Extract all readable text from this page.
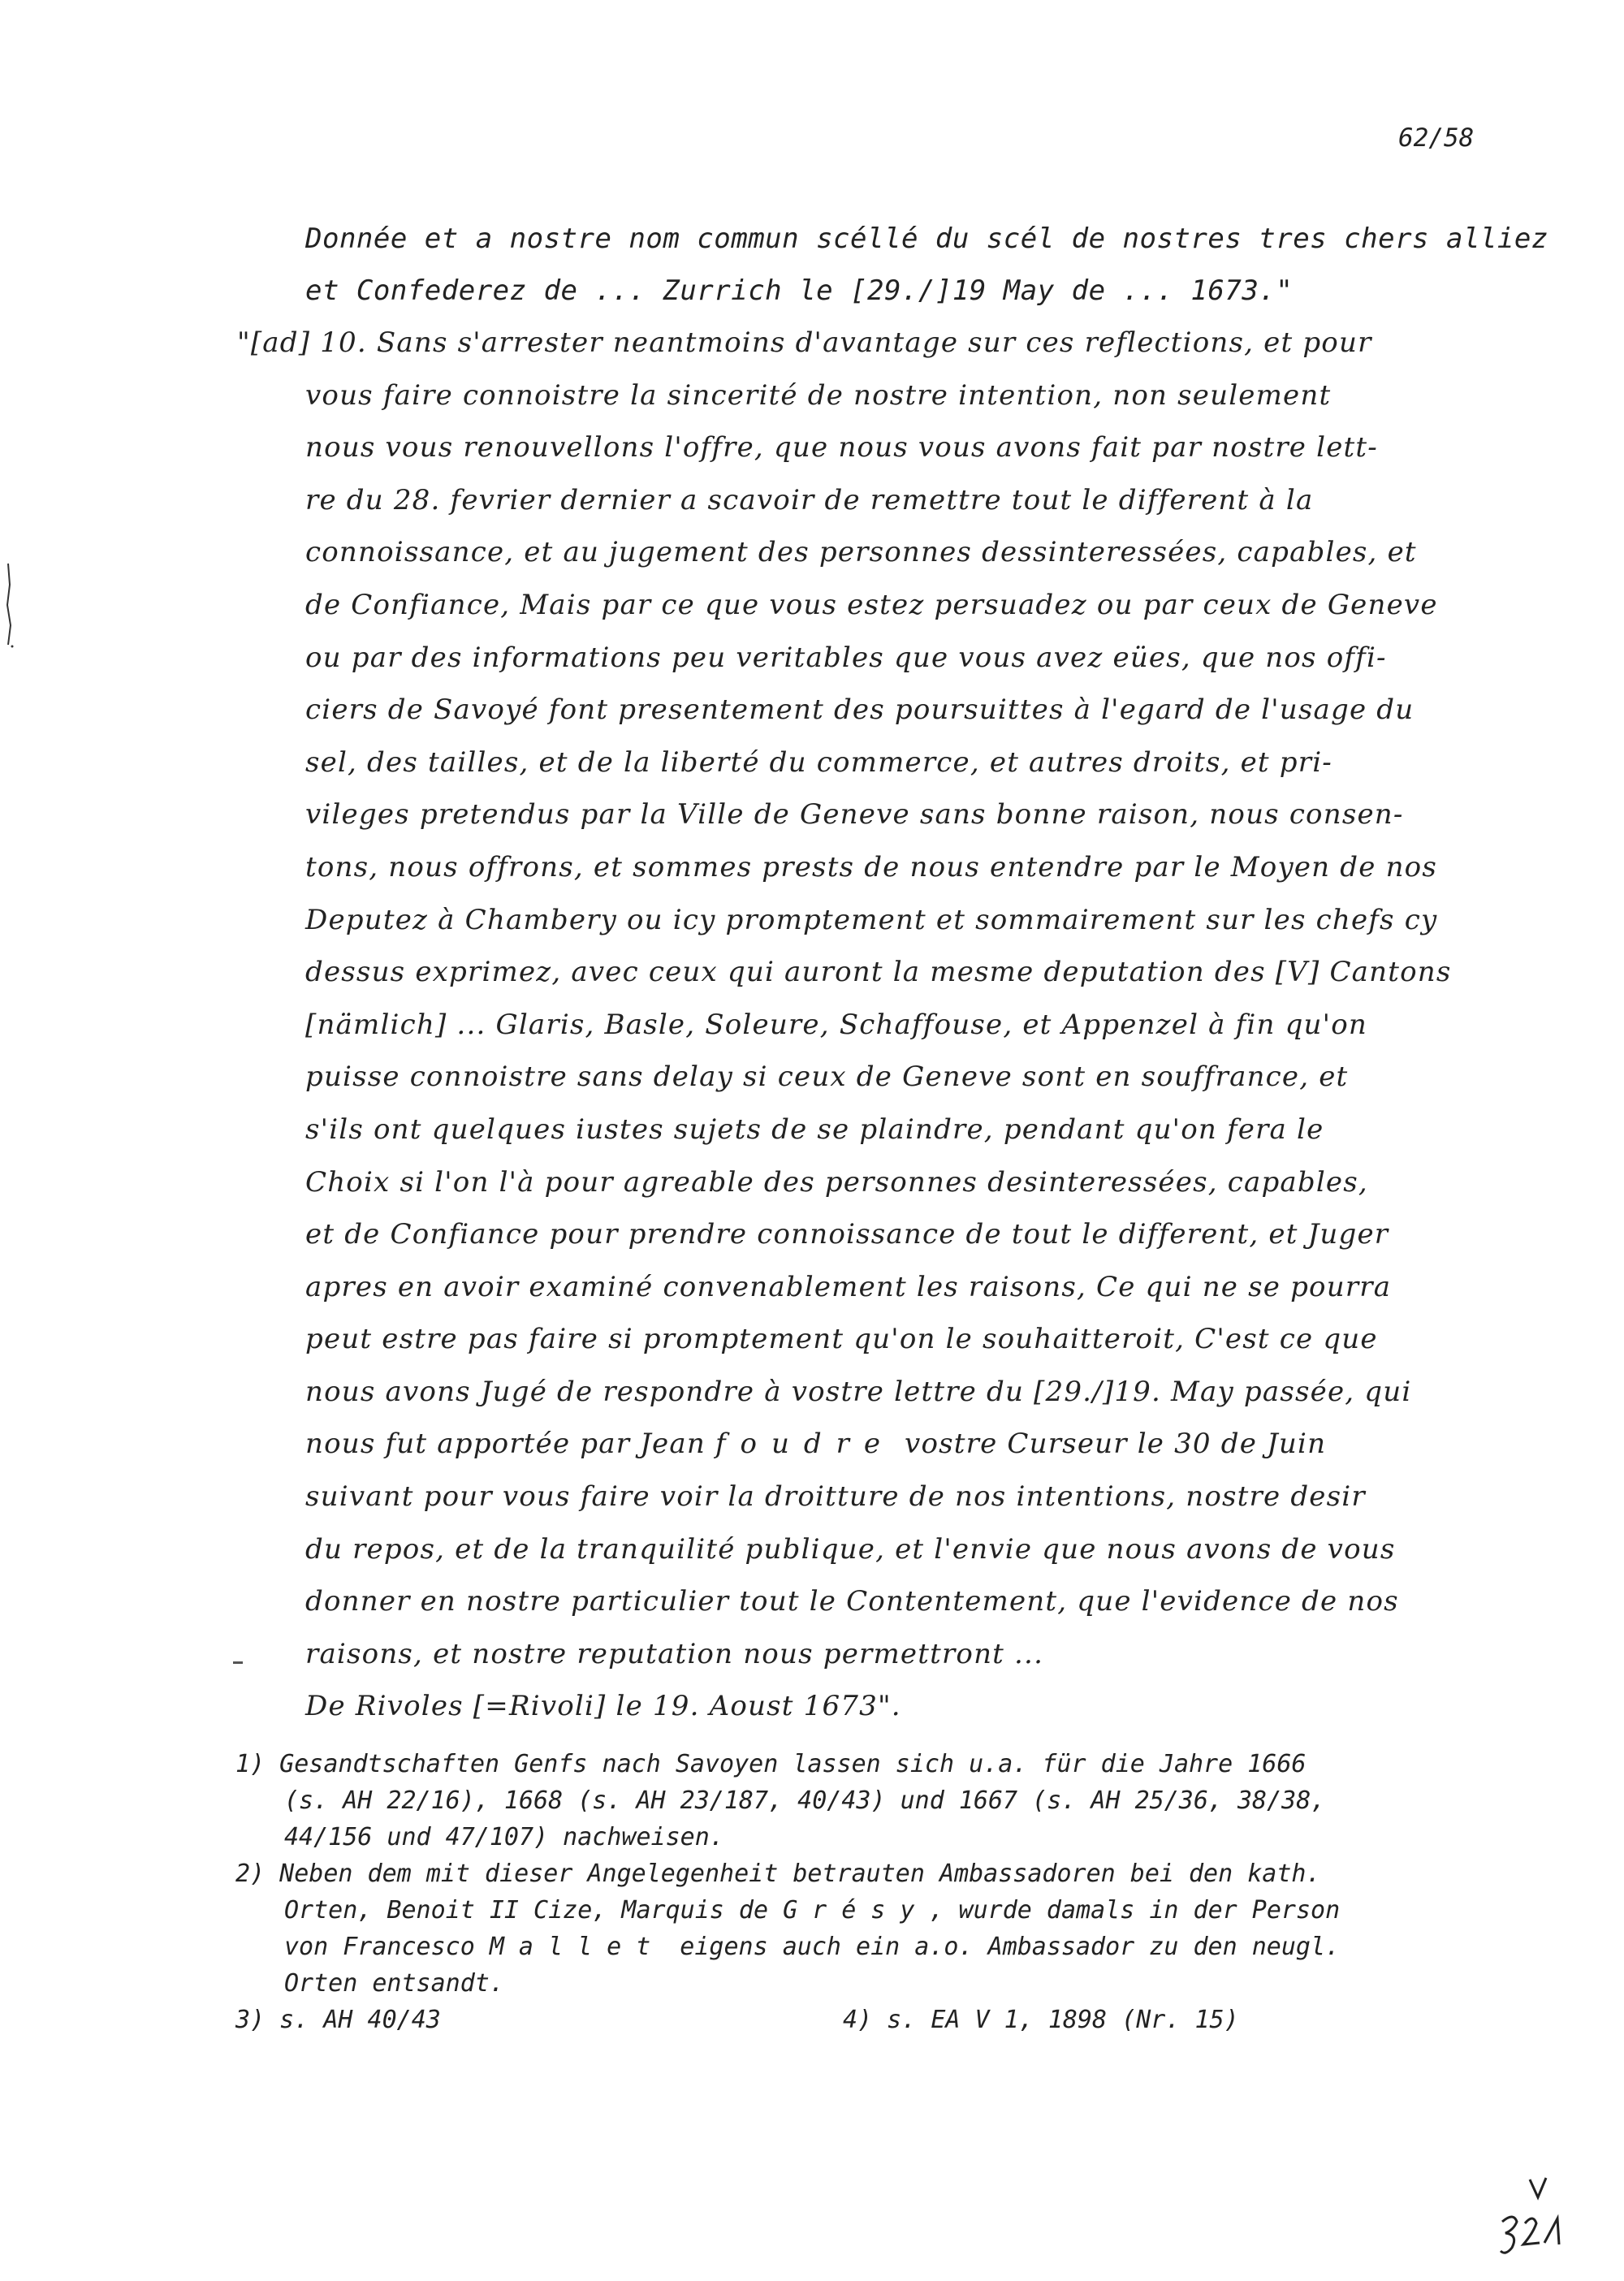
62/58
Donnée et a nostre nom commun scéllé du scél de nostres tres chers alliez
et Confederez de ... Zurrich le [29./]19 May de ... 1673."
"[ad] 10. Sans s'arrester neantmoins d'avantage sur ces reflections, et pour
vous faire connoistre la sincerité de nostre intention, non seulement
nous vous renouvellons l'offre, que nous vous avons fait par nostre lett-
re du 28. fevrier dernier a scavoir de remettre tout le different à la
connoissance, et au jugement des personnes dessinteressées, capables, et
de Confiance, Mais par ce que vous estez persuadez ou par ceux de Geneve
ou par des informations peu veritables que vous avez eües, que nos offi-
ciers de Savoyé font presentement des poursuittes à l'egard de l'usage du
sel, des tailles, et de la liberté du commerce, et autres droits, et pri-
vileges pretendus par la Ville de Geneve sans bonne raison, nous consen-
tons, nous offrons, et sommes prests de nous entendre par le Moyen de nos
Deputez à Chambery ou icy promptement et sommairement sur les chefs cy
dessus exprimez, avec ceux qui auront la mesme deputation des [V] Cantons
[nämlich] ... Glaris, Basle, Soleure, Schaffouse, et Appenzel à fin qu'on
puisse connoistre sans delay si ceux de Geneve sont en souffrance, et
s'ils ont quelques iustes sujets de se plaindre, pendant qu'on fera le
Choix si l'on l'à pour agreable des personnes desinteressées, capables,
et de Confiance pour prendre connoissance de tout le different, et Juger
apres en avoir examiné convenablement les raisons, Ce qui ne se pourra
peut estre pas faire si promptement qu'on le souhaitteroit, C'est ce que
nous avons Jugé de respondre à vostre lettre du [29./]19. May passée, qui
nous fut apportée par Jean foudre vostre Curseur le 30 de Juin
suivant pour vous faire voir la droitture de nos intentions, nostre desir
du repos, et de la tranquilité publique, et l'envie que nous avons de vous
donner en nostre particulier tout le Contentement, que l'evidence de nos
raisons, et nostre reputation nous permettront ...
De Rivoles [=Rivoli] le 19. Aoust 1673".
1) Gesandtschaften Genfs nach Savoyen lassen sich u.a. für die Jahre 1666
(s. AH 22/16), 1668 (s. AH 23/187, 40/43) und 1667 (s. AH 25/36, 38/38,
44/156 und 47/107) nachweisen.
2) Neben dem mit dieser Angelegenheit betrauten Ambassadoren bei den kath.
Orten, Benoit II Cize, Marquis de Grésy, wurde damals in der Person
von Francesco Mallet eigens auch ein a.o. Ambassador zu den neugl.
Orten entsandt.
3) s. AH 40/43	4) s. EA V 1, 1898 (Nr. 15)
